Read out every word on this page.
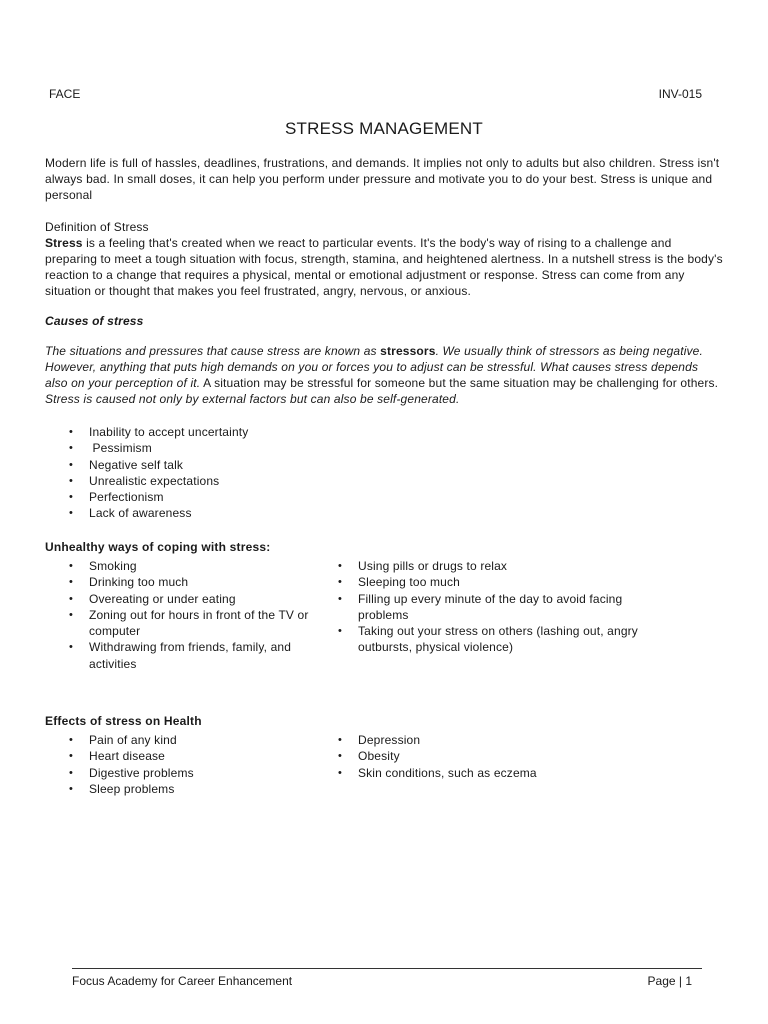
FACE	INV-015
STRESS MANAGEMENT

Modern life is full of hassles, deadlines, frustrations, and demands. It implies not only to adults but also children. Stress isn't always bad. In small doses, it can help you perform under pressure and motivate you to do your best. Stress is unique and personal

Definition of Stress

Stress is a feeling that's created when we react to particular events. It's the body's way of rising to a challenge and preparing to meet a tough situation with focus, strength, stamina, and heightened alertness. In a nutshell stress is the body's reaction to a change that requires a physical, mental or emotional adjustment or response. Stress can come from any situation or thought that makes you feel frustrated, angry, nervous, or anxious.

Causes of stress

The situations and pressures that cause stress are known as stressors. We usually think of stressors as being negative. However, anything that puts high demands on you or forces you to adjust can be stressful. What causes stress depends also on your perception of it. A situation may be stressful for someone but the same situation may be challenging for others. Stress is caused not only by external factors but can also be self-generated.

• Inability to accept uncertainty
•  Pessimism
• Negative self talk
• Unrealistic expectations
• Perfectionism
• Lack of awareness
Unhealthy ways of coping with stress:
• Smoking
• Drinking too much
• Overeating or under eating
• Zoning out for hours in front of the TV or computer
• Withdrawing from friends, family, and activities
• Using pills or drugs to relax
• Sleeping too much
• Filling up every minute of the day to avoid facing problems
• Taking out your stress on others (lashing out, angry outbursts, physical violence)
Effects of stress on Health
• Pain of any kind
• Heart disease
• Digestive problems
• Sleep problems
• Depression
• Obesity
• Skin conditions, such as eczema
Focus Academy for Career Enhancement	Page | 1
